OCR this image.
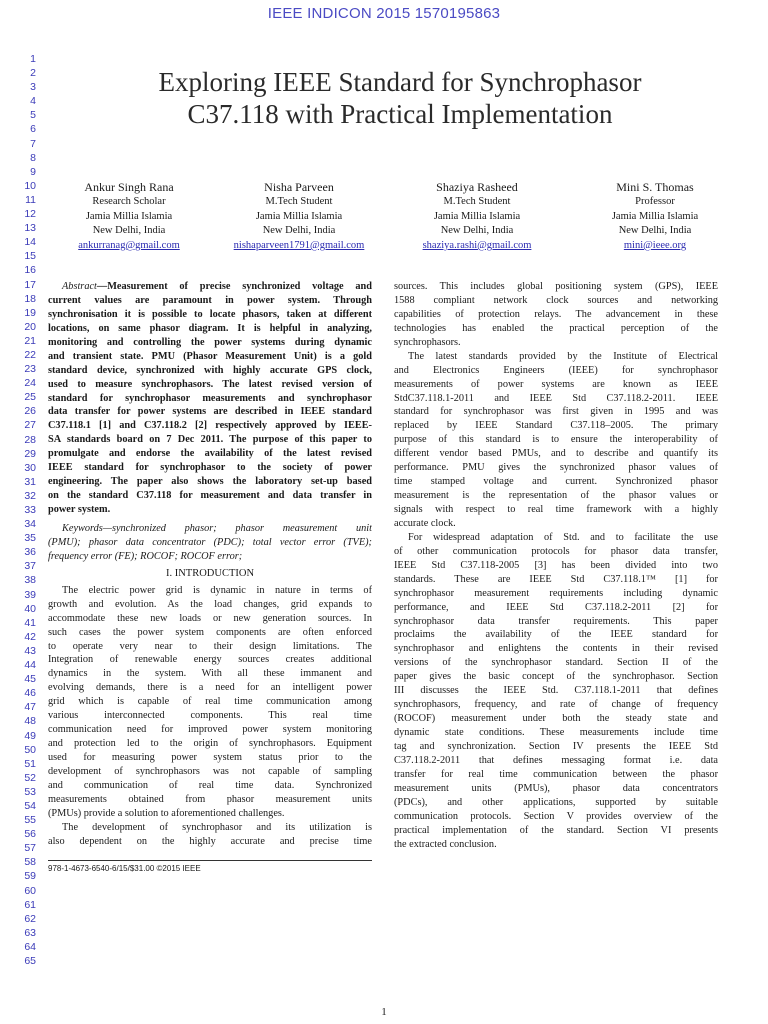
IEEE INDICON 2015 1570195863
1
2
3
4
5
6
7
8
9
10
11
12
13
14
15
16
17
18
19
20
21
22
23
24
25
26
27
28
29
30
31
32
33
34
35
36
37
38
39
40
41
42
43
44
45
46
47
48
49
50
51
52
53
54
55
56
57
58
59
60
61
62
63
64
65
Exploring IEEE Standard for Synchrophasor
C37.118 with Practical Implementation
Ankur Singh Rana
Research Scholar
Jamia Millia Islamia
New Delhi, India
ankurranag@gmail.com
Nisha Parveen
M.Tech Student
Jamia Millia Islamia
New Delhi, India
nishaparveen1791@gmail.com
Shaziya Rasheed
M.Tech Student
Jamia Millia Islamia
New Delhi, India
shaziya.rashi@gmail.com
Mini S. Thomas
Professor
Jamia Millia Islamia
New Delhi, India
mini@ieee.org
Abstract—Measurement of precise synchronized voltage and
current values are paramount in power system. Through
synchronisation it is possible to locate phasors, taken at different
locations, on same phasor diagram. It is helpful in analyzing,
monitoring and controlling the power systems during dynamic
and transient state. PMU (Phasor Measurement Unit) is a gold
standard device, synchronized with highly accurate GPS clock,
used to measure synchrophasors. The latest revised version of
standard for synchrophasor measurements and synchrophasor
data transfer for power systems are described in IEEE standard
C37.118.1 [1] and C37.118.2 [2] respectively approved by IEEE-
SA standards board on 7 Dec 2011. The purpose of this paper to
promulgate and endorse the availability of the latest revised
IEEE standard for synchrophasor to the society of power
engineering. The paper also shows the laboratory set-up based
on the standard C37.118 for measurement and data transfer in
power system.
Keywords—synchronized phasor; phasor measurement unit
(PMU); phasor data concentrator (PDC); total vector error (TVE);
frequency error (FE); ROCOF; ROCOF error;
I. INTRODUCTION
The electric power grid is dynamic in nature in terms of
growth and evolution. As the load changes, grid expands to
accommodate these new loads or new generation sources. In
such cases the power system components are often enforced
to operate very near to their design limitations. The
Integration of renewable energy sources creates additional
dynamics in the system. With all these immanent and
evolving demands, there is a need for an intelligent power
grid which is capable of real time communication among
various interconnected components. This real time
communication need for improved power system monitoring
and protection led to the origin of synchrophasors. Equipment
used for measuring power system status prior to the
development of synchrophasors was not capable of sampling
and communication of real time data. Synchronized
measurements obtained from phasor measurement units
(PMUs) provide a solution to aforementioned challenges.
The development of synchrophasor and its utilization is
also dependent on the highly accurate and precise time
sources. This includes global positioning system (GPS), IEEE
1588 compliant network clock sources and networking
capabilities of protection relays. The advancement in these
technologies has enabled the practical perception of the
synchrophasors.
The latest standards provided by the Institute of Electrical
and Electronics Engineers (IEEE) for synchrophasor
measurements of power systems are known as IEEE
StdC37.118.1-2011 and IEEE Std C37.118.2-2011. IEEE
standard for synchrophasor was first given in 1995 and was
replaced by IEEE Standard C37.118–2005. The primary
purpose of this standard is to ensure the interoperability of
different vendor based PMUs, and to describe and quantify its
performance. PMU gives the synchronized phasor values of
time stamped voltage and current. Synchronized phasor
measurement is the representation of the phasor values or
signals with respect to real time framework with a highly
accurate clock.
For widespread adaptation of Std. and to facilitate the use
of other communication protocols for phasor data transfer,
IEEE Std C37.118-2005 [3] has been divided into two
standards. These are IEEE Std C37.118.1™ [1] for
synchrophasor measurement requirements including dynamic
performance, and IEEE Std C37.118.2-2011 [2] for
synchrophasor data transfer requirements. This paper
proclaims the availability of the IEEE standard for
synchrophasor and enlightens the contents in their revised
versions of the synchrophasor standard. Section II of the
paper gives the basic concept of the synchrophasor. Section
III discusses the IEEE Std. C37.118.1-2011 that defines
synchrophasors, frequency, and rate of change of frequency
(ROCOF) measurement under both the steady state and
dynamic state conditions. These measurements include time
tag and synchronization. Section IV presents the IEEE Std
C37.118.2-2011 that defines messaging format i.e. data
transfer for real time communication between the phasor
measurement units (PMUs), phasor data concentrators
(PDCs), and other applications, supported by suitable
communication protocols. Section V provides overview of the
practical implementation of the standard. Section VI presents
the extracted conclusion.
978-1-4673-6540-6/15/$31.00 ©2015 IEEE
1
